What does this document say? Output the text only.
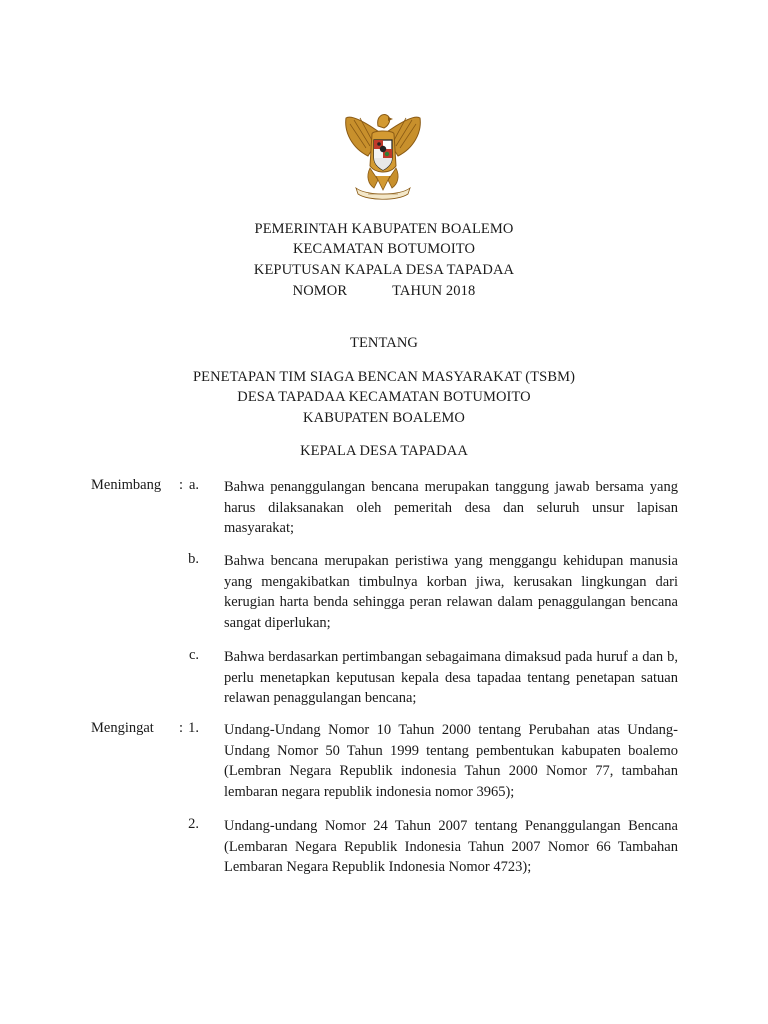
PEMERINTAH KABUPATEN BOALEMO
KECAMATAN BOTUMOITO
KEPUTUSAN KAPALA DESA TAPADAA
NOMOR	TAHUN 2018
TENTANG
PENETAPAN TIM SIAGA BENCAN MASYARAKAT (TSBM)
DESA TAPADAA KECAMATAN BOTUMOITO
KABUPATEN BOALEMO
KEPALA DESA TAPADAA
Menimbang : a. Bahwa penanggulangan bencana merupakan tanggung jawab bersama yang harus dilaksanakan oleh pemeritah desa dan seluruh unsur lapisan masyarakat;
b. Bahwa bencana merupakan peristiwa yang menggangu kehidupan manusia yang mengakibatkan timbulnya korban jiwa, kerusakan lingkungan dari kerugian harta benda sehingga peran relawan dalam penaggulangan bencana sangat diperlukan;
c. Bahwa berdasarkan pertimbangan sebagaimana dimaksud pada huruf a dan b, perlu menetapkan keputusan kepala desa tapadaa tentang penetapan satuan relawan penaggulangan bencana;
Mengingat : 1. Undang-Undang Nomor 10 Tahun 2000 tentang Perubahan atas Undang-Undang Nomor 50 Tahun 1999 tentang pembentukan kabupaten boalemo (Lembran Negara Republik indonesia Tahun 2000 Nomor 77, tambahan lembaran negara republik indonesia nomor 3965);
2. Undang-undang Nomor 24 Tahun 2007 tentang Penanggulangan Bencana (Lembaran Negara Republik Indonesia Tahun 2007 Nomor 66 Tambahan Lembaran Negara Republik Indonesia Nomor 4723);
